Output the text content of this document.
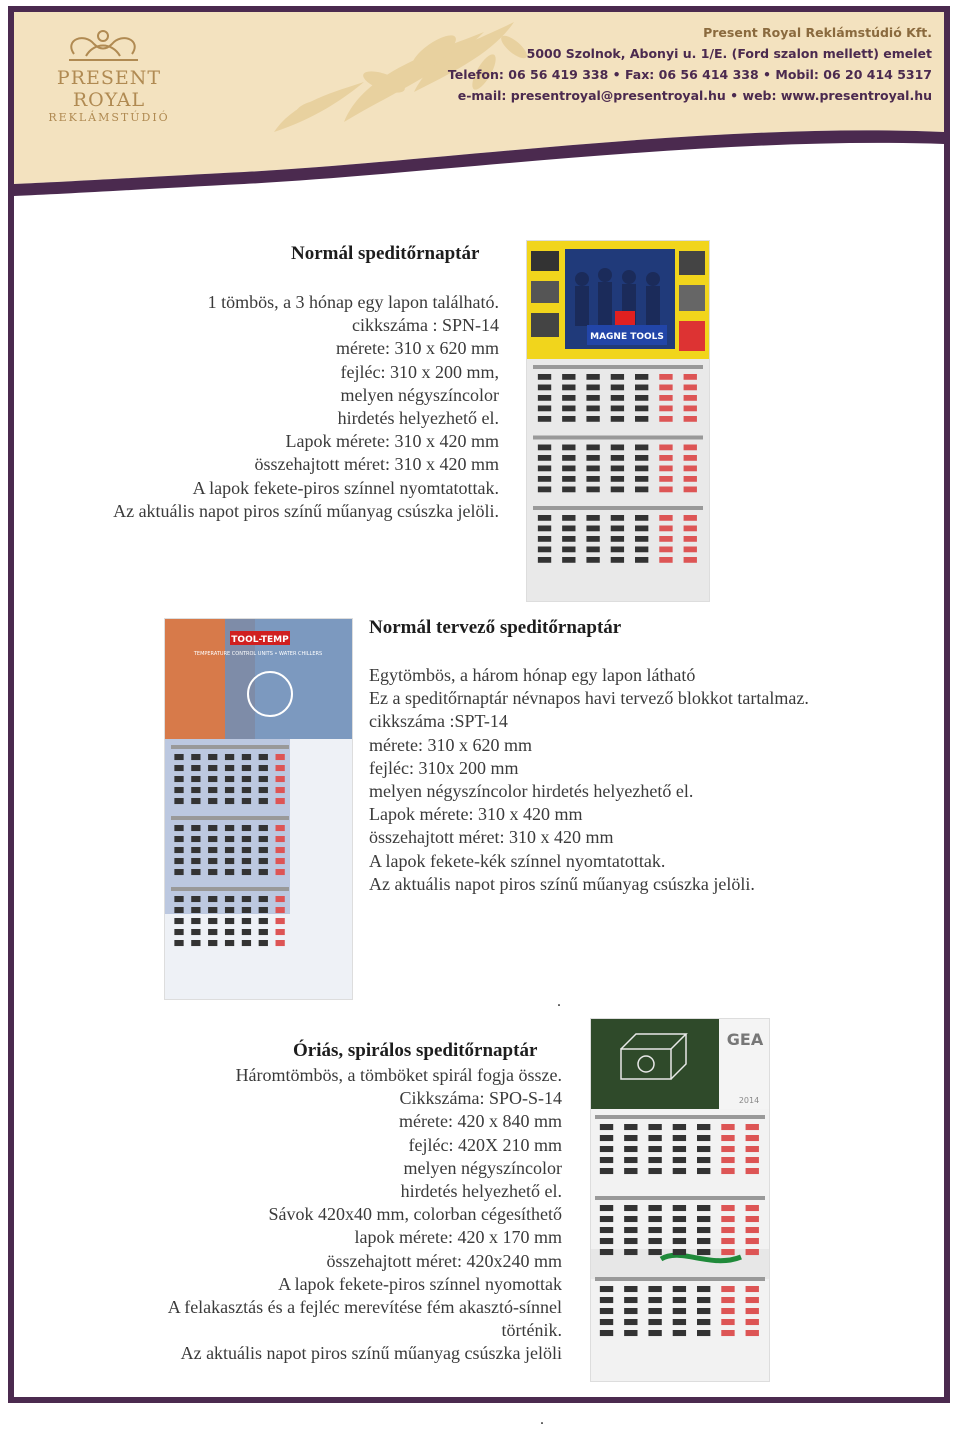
PRESENT ROYAL
REKLÁMSTÚDIÓ
Present Royal Reklámstúdió Kft.
5000 Szolnok, Abonyi u. 1/E. (Ford szalon mellett) emelet
Telefon: 06 56 419 338 • Fax: 06 56 414 338 • Mobil: 06 20 414 5317
e-mail: presentroyal@presentroyal.hu • web: www.presentroyal.hu
Normál speditőrnaptár
1 tömbös, a 3 hónap egy lapon található.
cikkszáma : SPN-14
mérete: 310 x 620 mm
fejléc: 310 x 200 mm,
melyen négyszíncolor
hirdetés helyezhető el.
Lapok mérete: 310 x 420 mm
összehajtott méret: 310 x 420 mm
A lapok fekete-piros színnel nyomtatottak.
Az aktuális napot piros színű műanyag csúszka jelöli.
MAGNE TOOLS
TOOL-TEMP
TEMPERATURE CONTROL UNITS • WATER CHILLERS
Normál tervező speditőrnaptár
Egytömbös, a három hónap egy lapon látható
Ez a speditőrnaptár névnapos havi tervező blokkot tartalmaz.
cikkszáma :SPT-14
mérete: 310 x 620 mm
fejléc: 310x 200 mm
melyen négyszíncolor hirdetés helyezhető el.
Lapok mérete: 310 x 420 mm
összehajtott méret: 310 x 420 mm
A lapok fekete-kék színnel nyomtatottak.
Az aktuális napot piros színű műanyag csúszka jelöli.
.
Óriás, spirálos speditőrnaptár
Háromtömbös, a tömböket spirál fogja össze.
Cikkszáma: SPO-S-14
mérete: 420 x 840 mm
fejléc: 420X 210 mm
melyen négyszíncolor
hirdetés helyezhető el.
Sávok 420x40 mm, colorban cégesíthető
lapok mérete: 420 x 170 mm
összehajtott méret: 420x240 mm
A lapok fekete-piros színnel nyomottak
A felakasztás és a fejléc merevítése fém akasztó-sínnel
történik.
Az aktuális napot piros színű műanyag csúszka jelöli
GEA
2014
.
